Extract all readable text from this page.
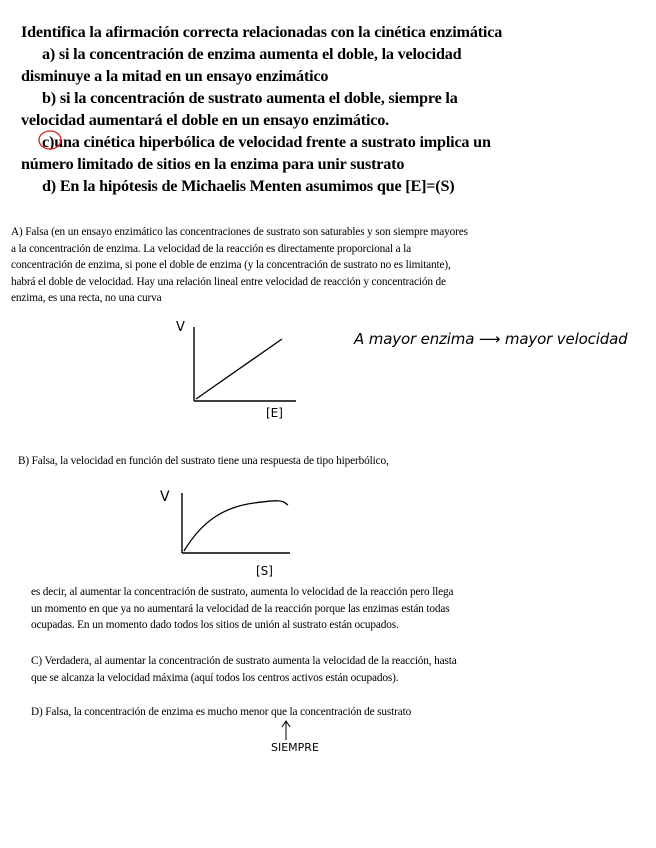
Identifica la afirmación correcta relacionadas con la cinética enzimática
a) si la concentración de enzima aumenta el doble, la velocidad
disminuye a la mitad en un ensayo enzimático
b) si la concentración de sustrato aumenta el doble, siempre la
velocidad aumentará el doble en un ensayo enzimático.
c)una cinética hiperbólica de velocidad frente a sustrato implica un
número limitado de sitios en la enzima para unir sustrato
d) En la hipótesis de Michaelis Menten asumimos que [E]=(S)
A) Falsa (en un ensayo enzimático las concentraciones de sustrato son saturables y son siempre mayores
a la concentración de enzima. La velocidad de la reacción es directamente proporcional a la
concentración de enzima, si pone el doble de enzima (y la concentración de sustrato no es limitante),
habrá el doble de velocidad. Hay una relación lineal entre velocidad de reacción y concentración de
enzima, es una recta, no una curva
V
[E]
A mayor enzima ⟶ mayor velocidad
B) Falsa, la velocidad en función del sustrato tiene una respuesta de tipo hiperbólico,
V
[S]
es decir, al aumentar la concentración de sustrato, aumenta lo velocidad de la reacción pero llega
un momento en que ya no aumentará la velocidad de la reacción porque las enzimas están todas
ocupadas. En un momento dado todos los sitios de unión al sustrato están ocupados.
C) Verdadera, al aumentar la concentración de sustrato aumenta la velocidad de la reacción, hasta
que se alcanza la velocidad máxima (aquí todos los centros activos están ocupados).
D) Falsa, la concentración de enzima es mucho menor que la concentración de sustrato
SIEMPRE
